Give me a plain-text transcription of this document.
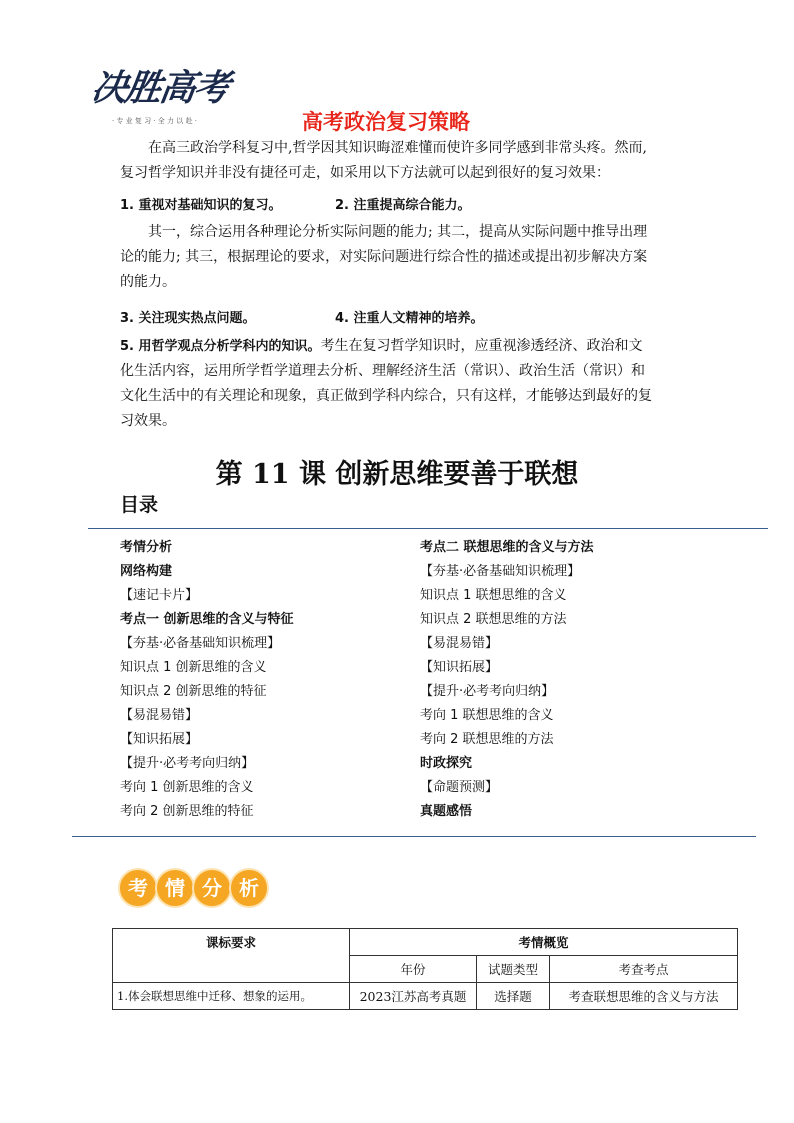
决胜高考
· 专 业 复 习 · 全 力 以 赴 ·	高考政治复习策略

在高三政治学科复习中,哲学因其知识晦涩难懂而使许多同学感到非常头疼。然而,

复习哲学知识并非没有捷径可走，如采用以下方法就可以起到很好的复习效果：

1. 重视对基础知识的复习。	2. 注重提高综合能力。

其一，综合运用各种理论分析实际问题的能力; 其二，提高从实际问题中推导出理

论的能力; 其三，根据理论的要求，对实际问题进行综合性的描述或提出初步解决方案

的能力。

3. 关注现实热点问题。	4. 注重人文精神的培养。

5. 用哲学观点分析学科内的知识。考生在复习哲学知识时，应重视渗透经济、政治和文

化生活内容，运用所学哲学道理去分析、理解经济生活（常识）、政治生活（常识）和

文化生活中的有关理论和现象，真正做到学科内综合，只有这样，才能够达到最好的复

习效果。

第 11 课 创新思维要善于联想
目录
考情分析
网络构建
【速记卡片】
考点一 创新思维的含义与特征
【夯基·必备基础知识梳理】
知识点 1 创新思维的含义
知识点 2 创新思维的特征
【易混易错】
【知识拓展】
【提升·必考考向归纳】
考向 1 创新思维的含义
考向 2 创新思维的特征
考点二 联想思维的含义与方法
【夯基·必备基础知识梳理】
知识点 1 联想思维的含义
知识点 2 联想思维的方法
【易混易错】
【知识拓展】
【提升·必考考向归纳】
考向 1 联想思维的含义
考向 2 联想思维的方法
时政探究
【命题预测】
真题感悟
考 情 分 析
课标要求	考情概览		
	年份	试题类型	考查考点
1.体会联想思维中迁移、想象的运用。	2023江苏高考真题	选择题	考查联想思维的含义与方法
